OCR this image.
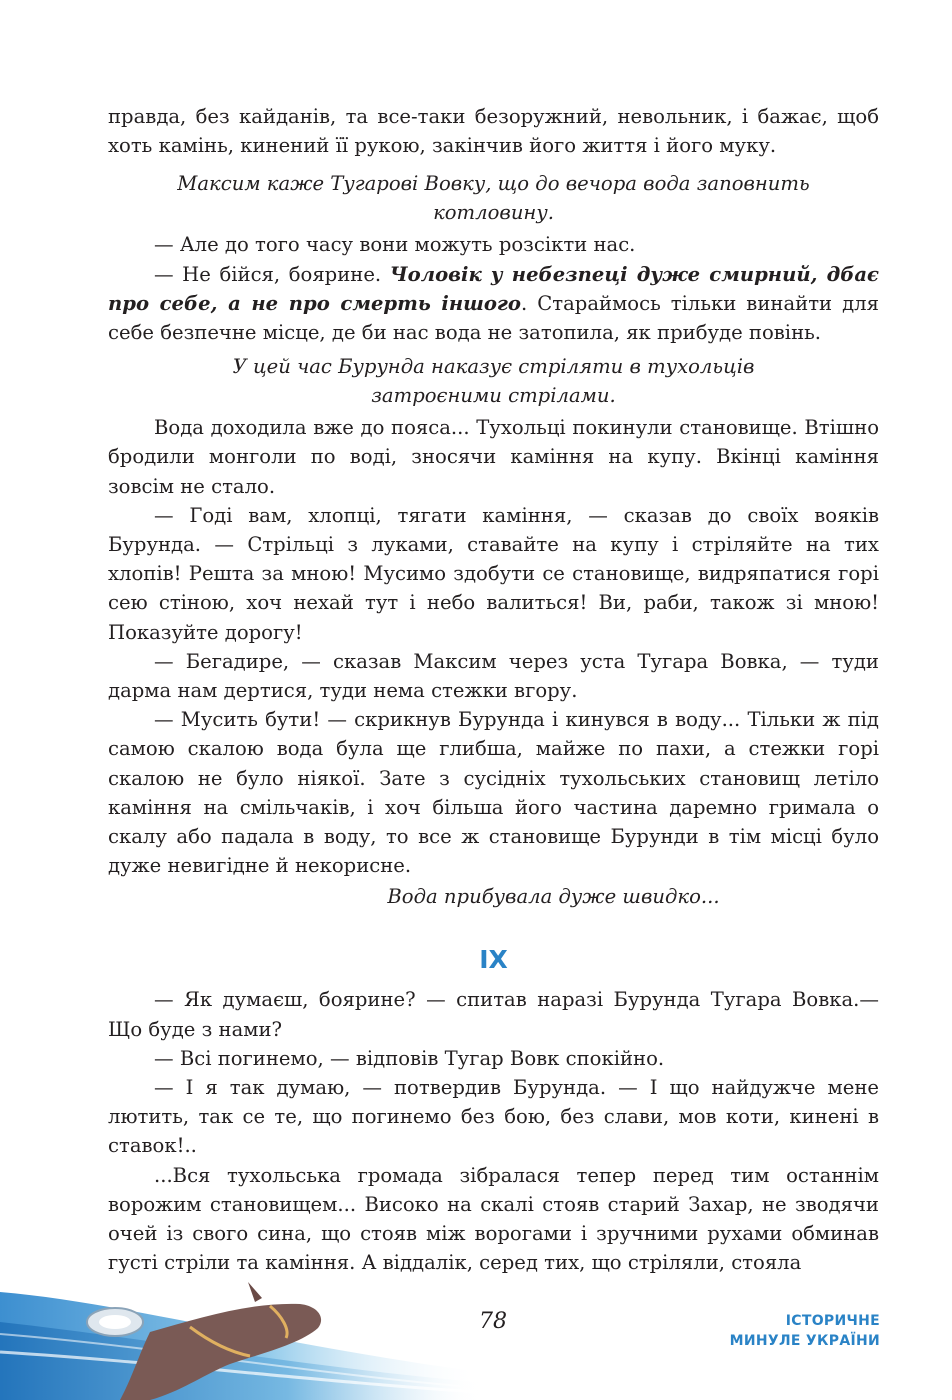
правда, без кайданів, та все-таки безоружний, невольник, і бажає, щоб хоть камінь, кинений її рукою, закінчив його життя і його муку.

Максим каже Тугарові Вовку, що до вечора вода заповнить котловину.

— Але до того часу вони можуть розсікти нас.

— Не бійся, боярине. Чоловік у небезпеці дуже смирний, дбає про себе, а не про смерть іншого. Стараймось тільки винайти для себе безпечне місце, де би нас вода не затопила, як прибуде повінь.

У цей час Бурунда наказує стріляти в тухольців затроєними стрілами.

Вода доходила вже до пояса... Тухольці покинули становище. Втішно бродили монголи по воді, зносячи каміння на купу. Вкінці каміння зовсім не стало.

— Годі вам, хлопці, тягати каміння, — сказав до своїх вояків Бурунда. — Стрільці з луками, ставайте на купу і стріляйте на тих хлопів! Решта за мною! Мусимо здобути се становище, видряпатися горі сею стіною, хоч нехай тут і небо валиться! Ви, раби, також зі мною! Показуйте дорогу!

— Бегадире, — сказав Максим через уста Тугара Вовка, — туди дарма нам дертися, туди нема стежки вгору.

— Мусить бути! — скрикнув Бурунда і кинувся в воду... Тільки ж під самою скалою вода була ще глибша, майже по пахи, а стежки горі скалою не було ніякої. Зате з сусідніх тухольських становищ летіло каміння на смільчаків, і хоч більша його частина даремно гримала о скалу або падала в воду, то все ж становище Бурунди в тім місці було дуже невигідне й некорисне.

Вода прибувала дуже швидко...

ІХ

— Як думаєш, боярине? — спитав наразі Бурунда Тугара Вовка.— Що буде з нами?

— Всі погинемо, — відповів Тугар Вовк спокійно.

— І я так думаю, — потвердив Бурунда. — І що найдужче мене лютить, так се те, що погинемо без бою, без слави, мов коти, кинені в ставок!..

...Вся тухольська громада зібралася тепер перед тим останнім ворожим становищем... Високо на скалі стояв старий Захар, не зводячи очей із свого сина, що стояв між ворогами і зручними рухами обминав густі стріли та каміння. А віддалік, серед тих, що стріляли, стояла

78	ІСТОРИЧНЕ
МИНУЛЕ УКРАЇНИ
